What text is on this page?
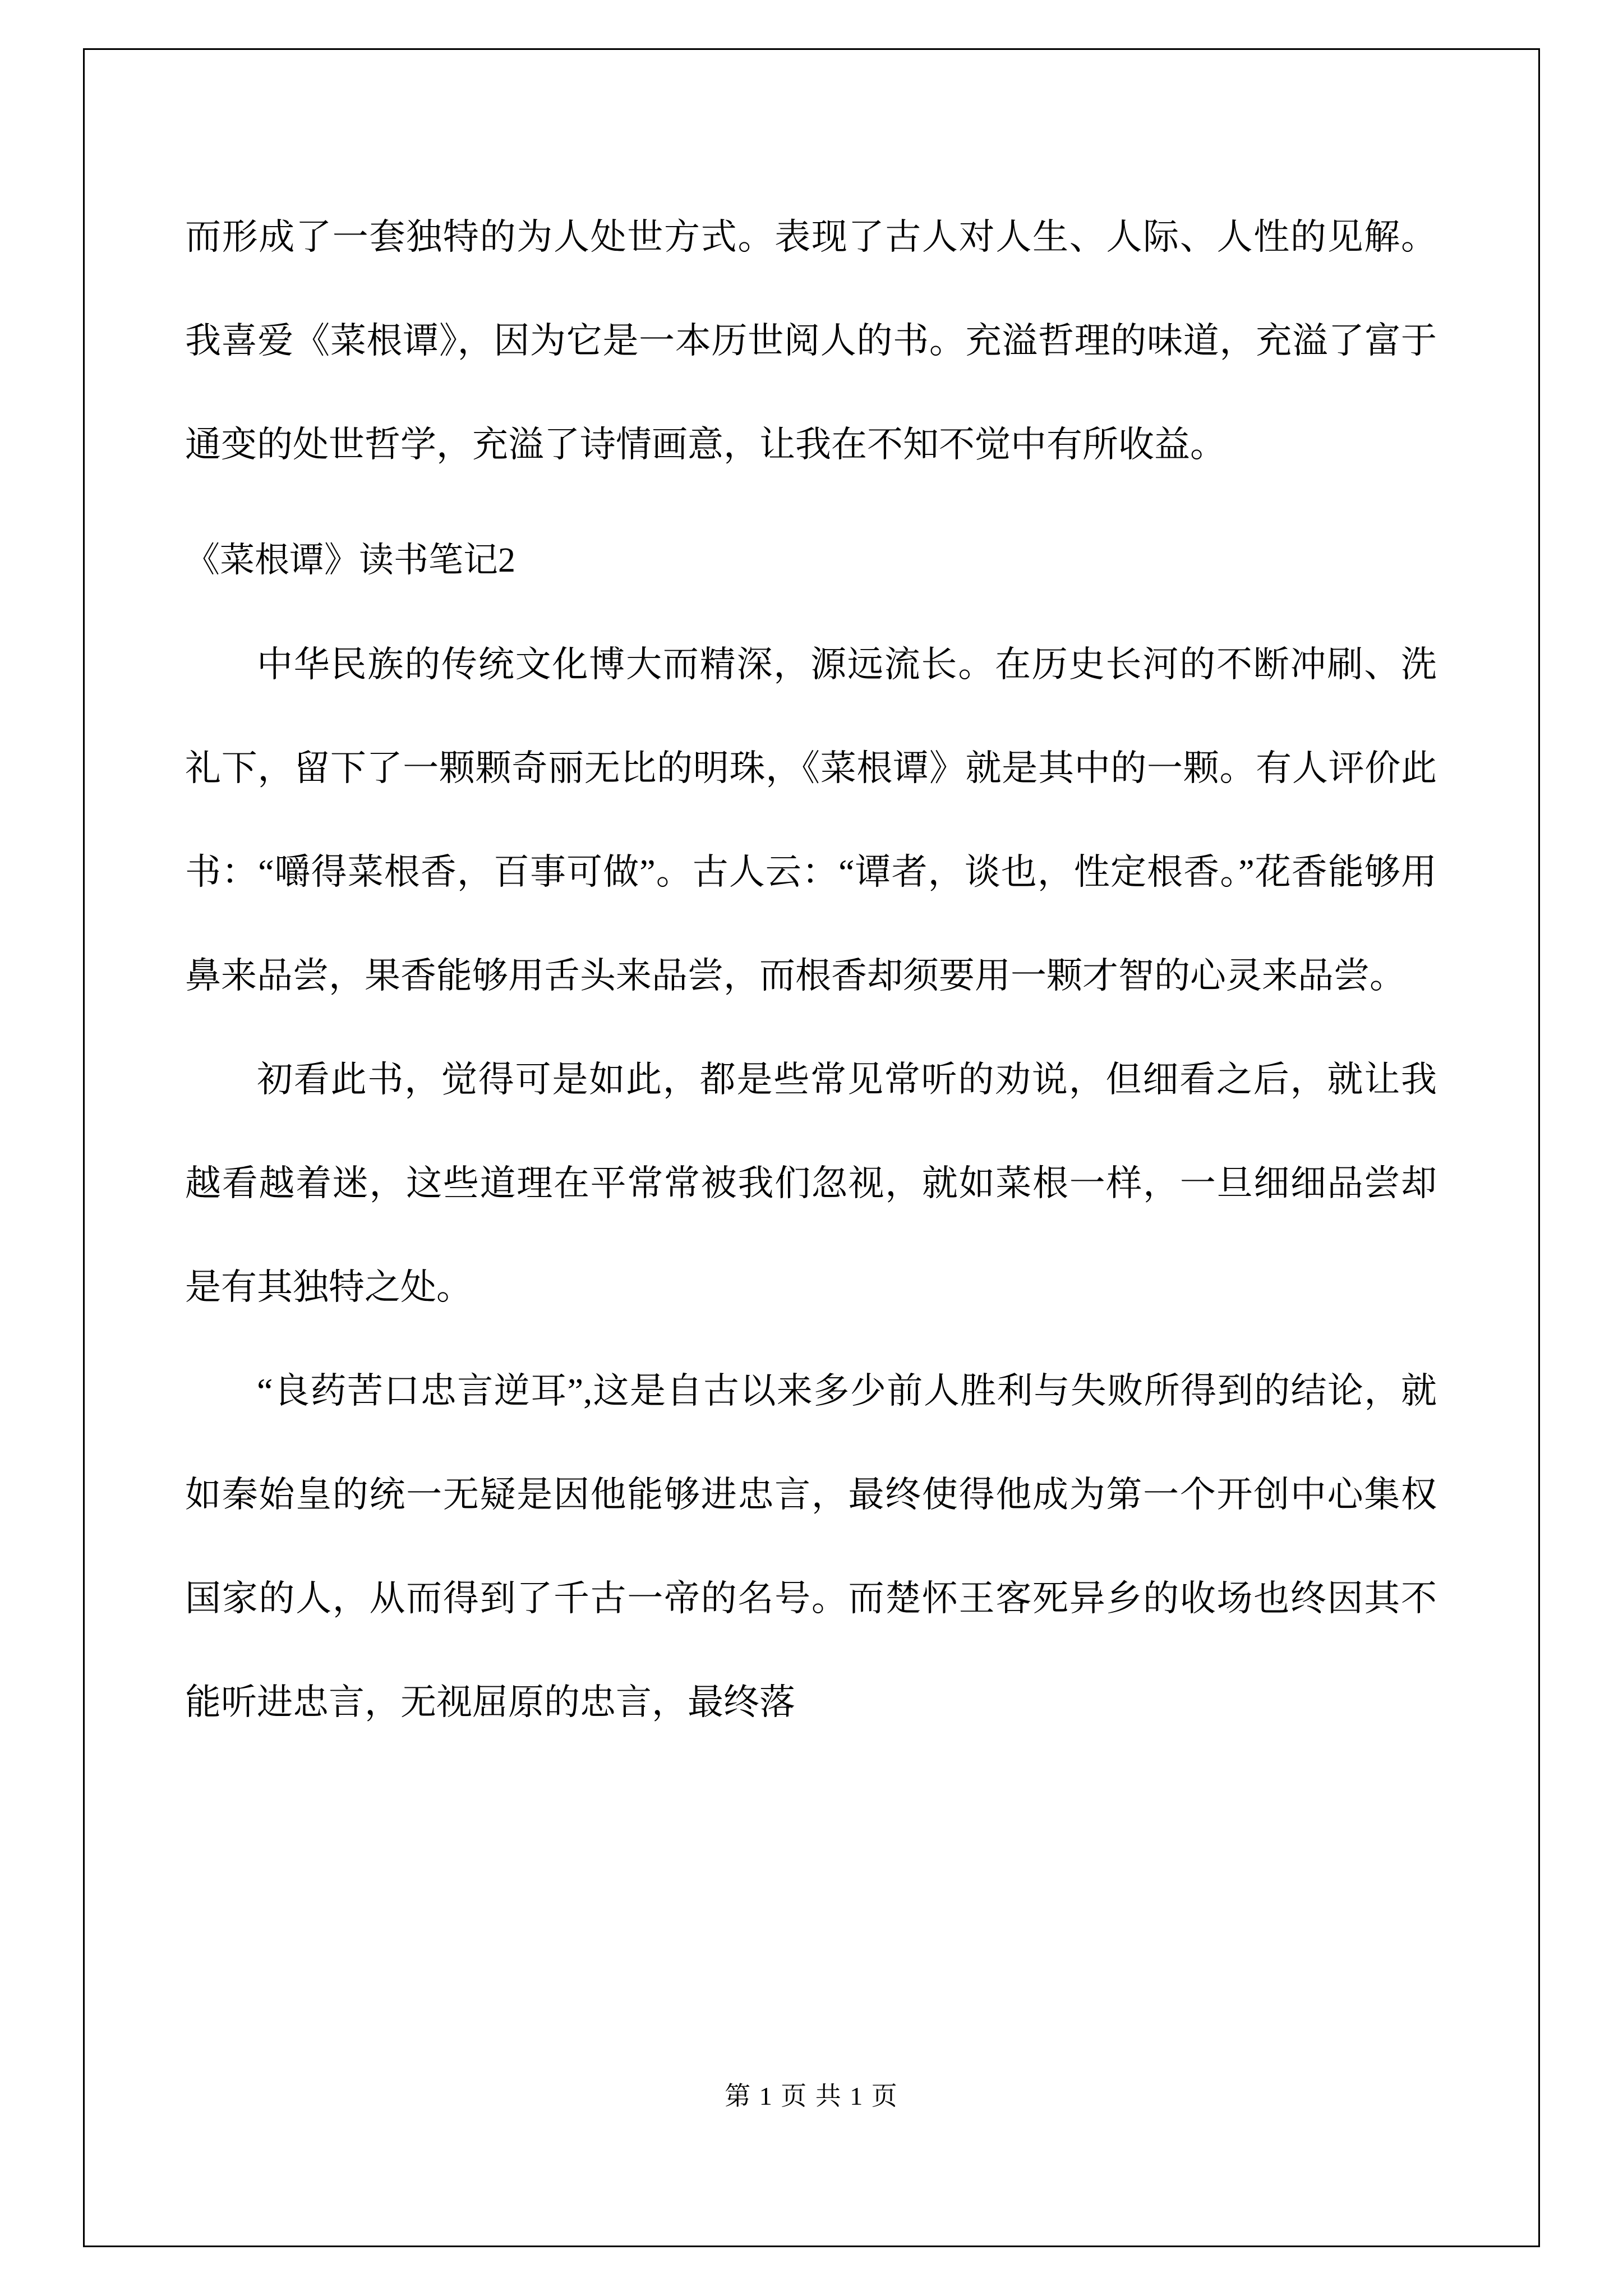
而形成了一套独特的为人处世方式。表现了古人对人生、人际、人性的见解。我喜爱《菜根谭》，因为它是一本历世阅人的书。充溢哲理的味道，充溢了富于通变的处世哲学，充溢了诗情画意，让我在不知不觉中有所收益。

《菜根谭》读书笔记2

中华民族的传统文化博大而精深，源远流长。在历史长河的不断冲刷、洗礼下，留下了一颗颗奇丽无比的明珠，《菜根谭》就是其中的一颗。有人评价此书：“嚼得菜根香，百事可做”。古人云：“谭者，谈也，性定根香。”花香能够用鼻来品尝，果香能够用舌头来品尝，而根香却须要用一颗才智的心灵来品尝。

初看此书，觉得可是如此，都是些常见常听的劝说，但细看之后，就让我越看越着迷，这些道理在平常常被我们忽视，就如菜根一样，一旦细细品尝却是有其独特之处。

“良药苦口忠言逆耳”,这是自古以来多少前人胜利与失败所得到的结论，就如秦始皇的统一无疑是因他能够进忠言，最终使得他成为第一个开创中心集权国家的人，从而得到了千古一帝的名号。而楚怀王客死异乡的收场也终因其不能听进忠言，无视屈原的忠言，最终落

第 1 页 共 1 页
